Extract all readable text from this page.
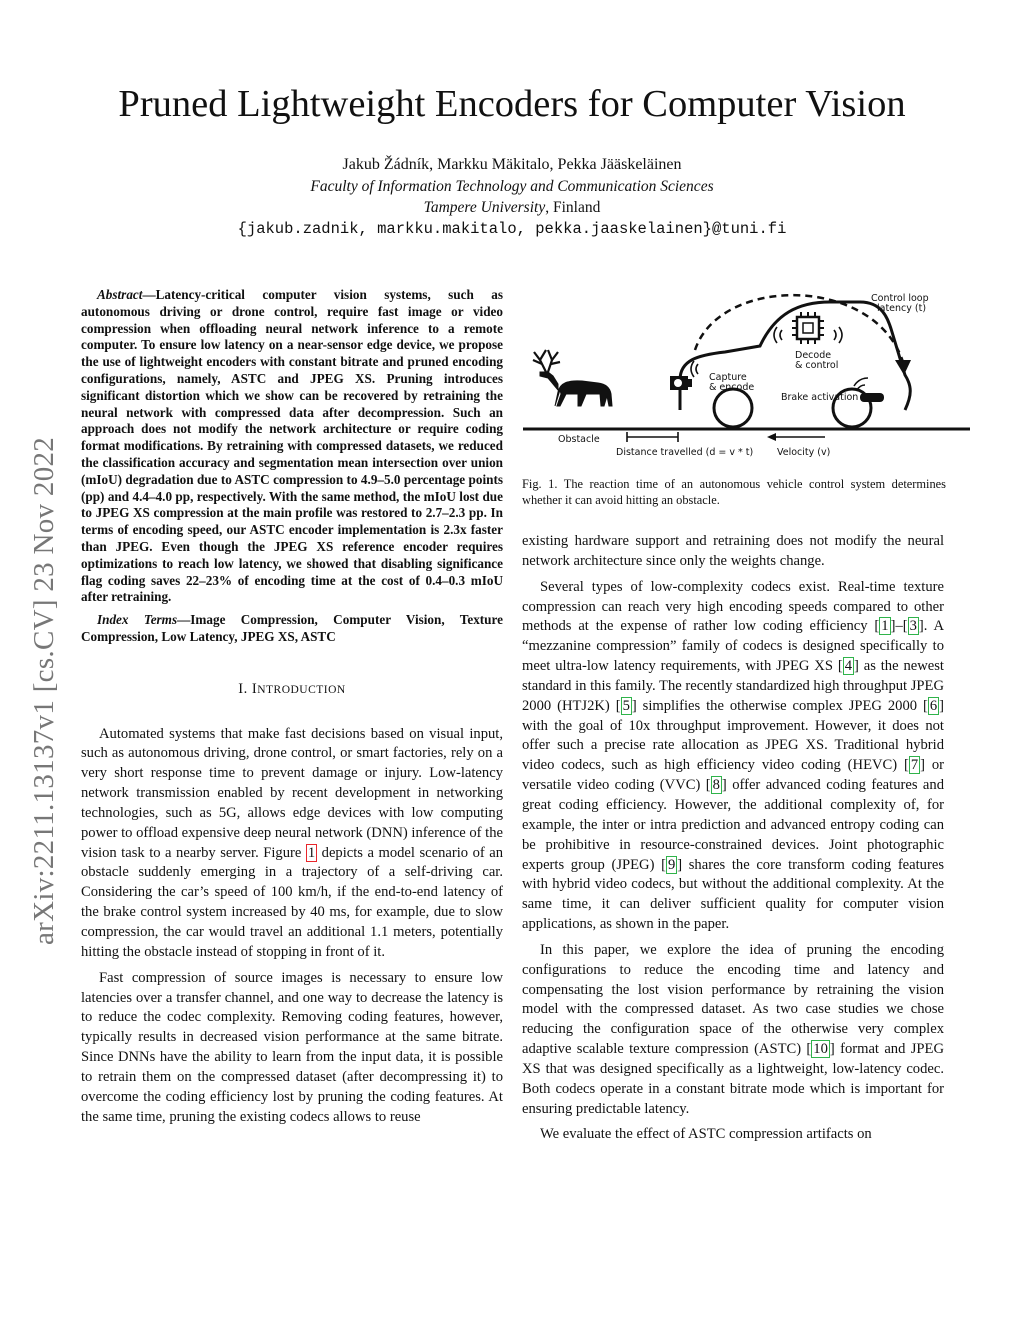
arXiv:2211.13137v1 [cs.CV] 23 Nov 2022
Pruned Lightweight Encoders for Computer Vision
Jakub Žádník, Markku Mäkitalo, Pekka Jääskeläinen
Faculty of Information Technology and Communication Sciences
Tampere University, Finland
{jakub.zadnik, markku.makitalo, pekka.jaaskelainen}@tuni.fi

Abstract—Latency-critical computer vision systems, such as autonomous driving or drone control, require fast image or video compression when offloading neural network inference to a remote computer. To ensure low latency on a near-sensor edge device, we propose the use of lightweight encoders with constant bitrate and pruned encoding configurations, namely, ASTC and JPEG XS. Pruning introduces significant distortion which we show can be recovered by retraining the neural network with compressed data after decompression. Such an approach does not modify the network architecture or require coding format modifications. By retraining with compressed datasets, we reduced the classification accuracy and segmentation mean intersection over union (mIoU) degradation due to ASTC compression to 4.9–5.0 percentage points (pp) and 4.4–4.0 pp, respectively. With the same method, the mIoU lost due to JPEG XS compression at the main profile was restored to 2.7–2.3 pp. In terms of encoding speed, our ASTC encoder implementation is 2.3x faster than JPEG. Even though the JPEG XS reference encoder requires optimizations to reach low latency, we showed that disabling significance flag coding saves 22–23% of encoding time at the cost of 0.4–0.3 mIoU after retraining.

Index Terms—Image Compression, Computer Vision, Texture Compression, Low Latency, JPEG XS, ASTC

I. INTRODUCTION

Automated systems that make fast decisions based on visual input, such as autonomous driving, drone control, or smart factories, rely on a very short response time to prevent damage or injury. Low-latency network transmission enabled by recent development in networking technologies, such as 5G, allows edge devices with low computing power to offload expensive deep neural network (DNN) inference of the vision task to a nearby server. Figure 1 depicts a model scenario of an obstacle suddenly emerging in a trajectory of a self-driving car. Considering the car’s speed of 100 km/h, if the end-to-end latency of the brake control system increased by 40 ms, for example, due to slow compression, the car would travel an additional 1.1 meters, potentially hitting the obstacle instead of stopping in front of it.

Fast compression of source images is necessary to ensure low latencies over a transfer channel, and one way to decrease the latency is to reduce the codec complexity. Removing coding features, however, typically results in decreased vision performance at the same bitrate. Since DNNs have the ability to learn from the input data, it is possible to retrain them on the compressed dataset (after decompressing it) to overcome the coding efficiency lost by pruning the coding features. At the same time, pruning the existing codecs allows to reuse

Control loop
latency (t)
Decode
& control
Capture
& encode
Brake activation
Obstacle
Distance travelled (d = v * t)	Velocity (v)
Fig. 1. The reaction time of an autonomous vehicle control system determines whether it can avoid hitting an obstacle.

existing hardware support and retraining does not modify the neural network architecture since only the weights change.

Several types of low-complexity codecs exist. Real-time texture compression can reach very high encoding speeds compared to other methods at the expense of rather low coding efficiency [ 1 ]–[ 3 ]. A “mezzanine compression” family of codecs is designed specifically to meet ultra-low latency requirements, with JPEG XS [ 4 ] as the newest standard in this family. The recently standardized high throughput JPEG 2000 (HTJ2K) [ 5 ] simplifies the otherwise complex JPEG 2000 [ 6 ] with the goal of 10x throughput improvement. However, it does not offer such a precise rate allocation as JPEG XS. Traditional hybrid video codecs, such as high efficiency video coding (HEVC) [ 7 ] or versatile video coding (VVC) [ 8 ] offer advanced coding features and great coding efficiency. However, the additional complexity of, for example, the inter or intra prediction and advanced entropy coding can be prohibitive in resource-constrained devices. Joint photographic experts group (JPEG) [ 9 ] shares the core transform coding features with hybrid video codecs, but without the additional complexity. At the same time, it can deliver sufficient quality for computer vision applications, as shown in the paper.

In this paper, we explore the idea of pruning the encoding configurations to reduce the encoding time and latency and compensating the lost vision performance by retraining the vision model with the compressed dataset. As two case studies we chose reducing the configuration space of the otherwise very complex adaptive scalable texture compression (ASTC) [ 10 ] format and JPEG XS that was designed specifically as a lightweight, low-latency codec. Both codecs operate in a constant bitrate mode which is important for ensuring predictable latency.

We evaluate the effect of ASTC compression artifacts on
